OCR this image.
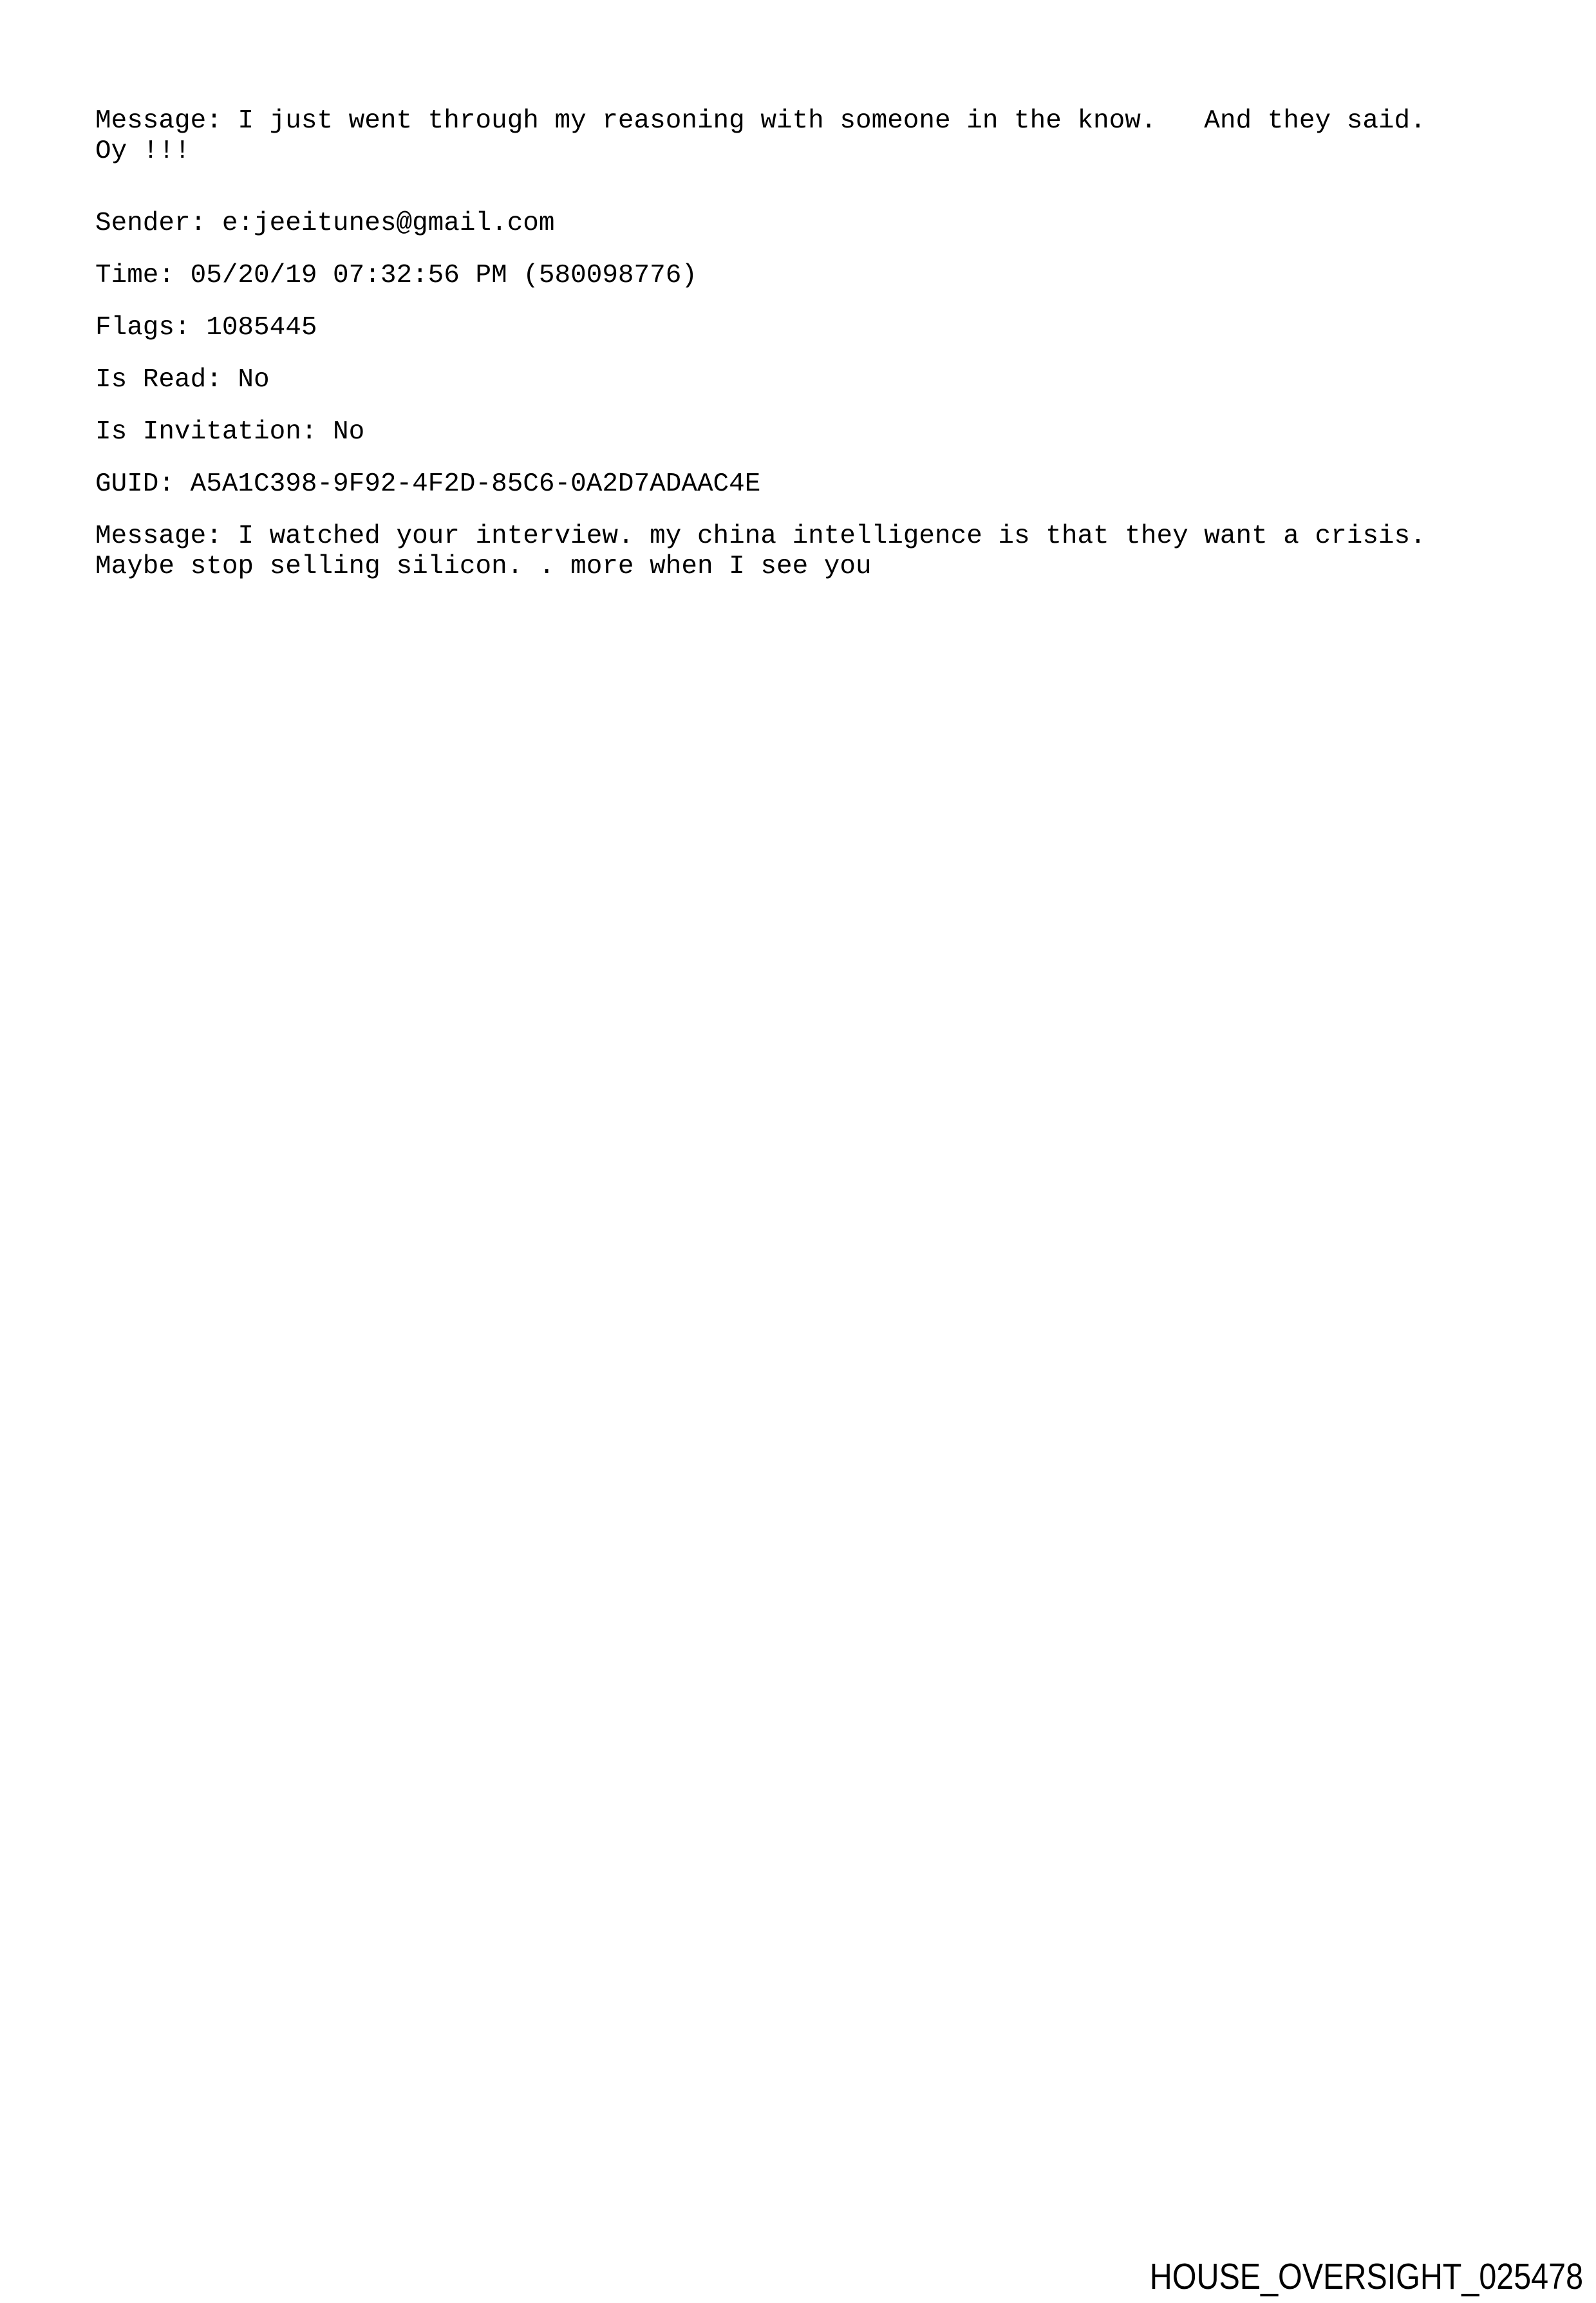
Message: I just went through my reasoning with someone in the know.   And they said.
Oy !!!

Sender: e:jeeitunes@gmail.com

Time: 05/20/19 07:32:56 PM (580098776)

Flags: 1085445

Is Read: No

Is Invitation: No

GUID: A5A1C398-9F92-4F2D-85C6-0A2D7ADAAC4E

Message: I watched your interview. my china intelligence is that they want a crisis.
Maybe stop selling silicon. . more when I see you

HOUSE_OVERSIGHT_025478
